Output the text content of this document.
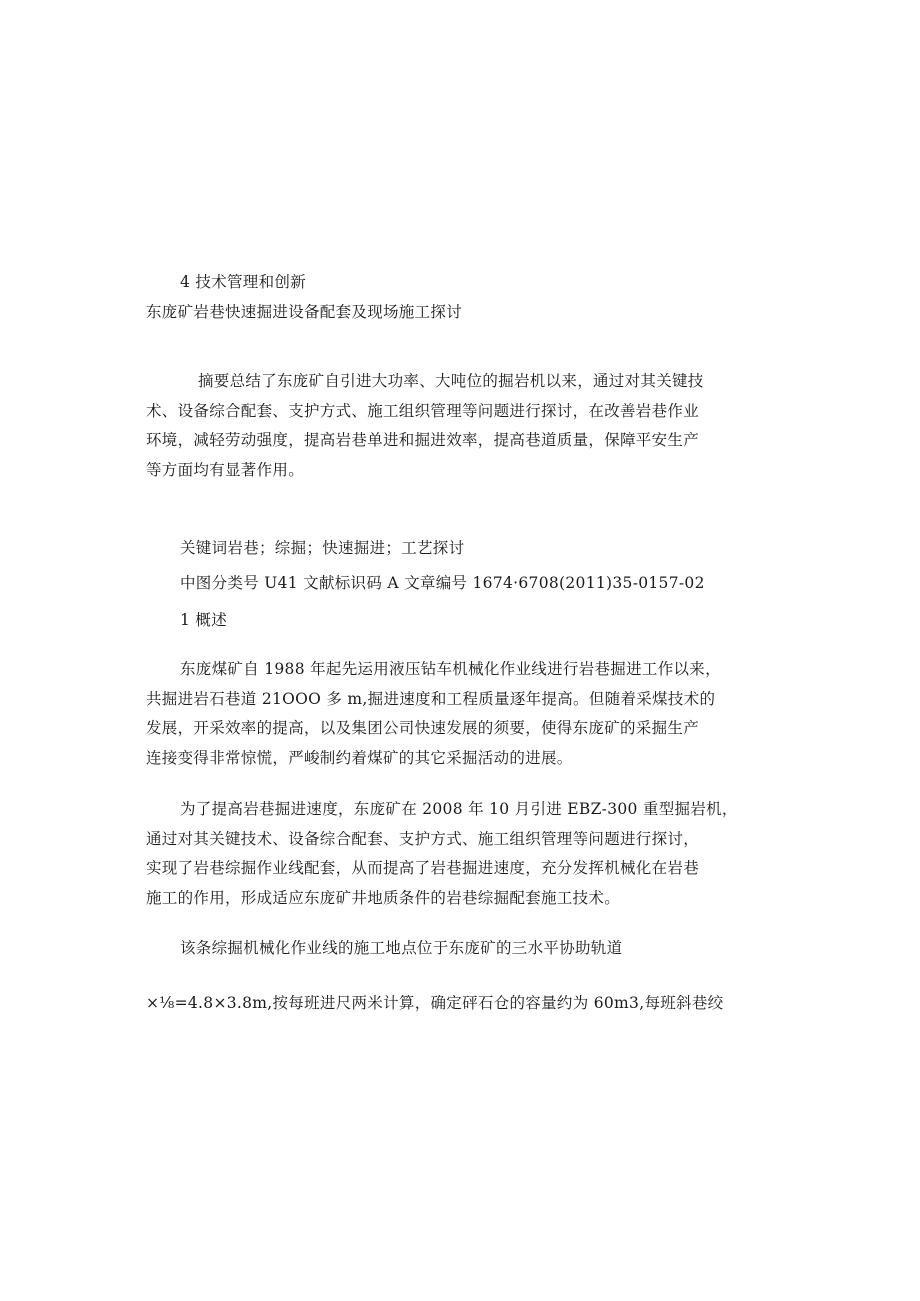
4 技术管理和创新
东庞矿岩巷快速掘进设备配套及现场施工探讨
摘要总结了东庞矿自引进大功率、大吨位的掘岩机以来，通过对其关键技
术、设备综合配套、支护方式、施工组织管理等问题进行探讨，在改善岩巷作业
环境，减轻劳动强度，提高岩巷单进和掘进效率，提高巷道质量，保障平安生产
等方面均有显著作用。
关键词岩巷；综掘；快速掘进；工艺探讨
中图分类号 U41 文献标识码 A 文章编号 1674·6708(2011)35-0157-02
1 概述
东庞煤矿自 1988 年起先运用液压钻车机械化作业线进行岩巷掘进工作以来，
共掘进岩石巷道 21OOO 多 m,掘进速度和工程质量逐年提高。但随着采煤技术的
发展，开采效率的提高，以及集团公司快速发展的须要，使得东庞矿的采掘生产
连接变得非常惊慌，严峻制约着煤矿的其它采掘活动的进展。
为了提高岩巷掘进速度，东庞矿在 2008 年 10 月引进 EBZ-300 重型掘岩机，
通过对其关键技术、设备综合配套、支护方式、施工组织管理等问题进行探讨，
实现了岩巷综掘作业线配套，从而提高了岩巷掘进速度，充分发挥机械化在岩巷
施工的作用，形成适应东庞矿井地质条件的岩巷综掘配套施工技术。
该条综掘机械化作业线的施工地点位于东庞矿的三水平协助轨道
×⅛=4.8×3.8m,按每班进尺两米计算，确定砰石仓的容量约为 60m3,每班斜巷绞
